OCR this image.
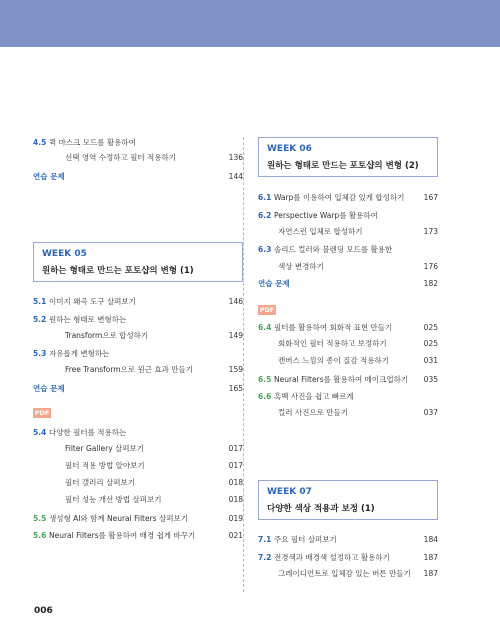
4.5 퀵 마스크 모드를 활용하여
선택 영역 수정하고 필터 적용하기	136
연습 문제	144
WEEK 05
원하는 형태로 만드는 포토샵의 변형 (1)
5.1 이미지 왜곡 도구 살펴보기	146
5.2 원하는 형태로 변형하는
Transform으로 합성하기	149
5.3 자유롭게 변형하는
Free Transform으로 원근 효과 만들기	159
연습 문제	165
PDF
5.4 다양한 필터를 적용하는
Filter Gallery 살펴보기	017
필터 적용 방법 알아보기	017
필터 갤러리 살펴보기	018
필터 성능 개선 방법 살펴보기	018
5.5 생성형 AI와 함께 Neural Filters 살펴보기	019
5.6 Neural Filters를 활용하여 배경 쉽게 바꾸기	021
WEEK 06
원하는 형태로 만드는 포토샵의 변형 (2)
6.1 Warp를 이용하여 입체감 있게 합성하기	167
6.2 Perspective Warp를 활용하여
자연스런 입체로 합성하기	173
6.3 솔리드 컬러와 블렌딩 모드를 활용한
색상 변경하기	176
연습 문제	182
PDF
6.4 필터를 활용하여 회화적 표현 만들기	025
회화적인 필터 적용하고 보정하기	025
캔버스 느낌의 종이 질감 적용하기	031
6.5 Neural Filters를 활용하여 메이크업하기 035
6.6 흑백 사진을 쉽고 빠르게
컬러 사진으로 만들기	037
WEEK 07
다양한 색상 적용과 보정 (1)
7.1 주요 필터 살펴보기	184
7.2 전경색과 배경색 설정하고 활용하기	187
그레이디언트로 입체감 있는 버튼 만들기 187
006
